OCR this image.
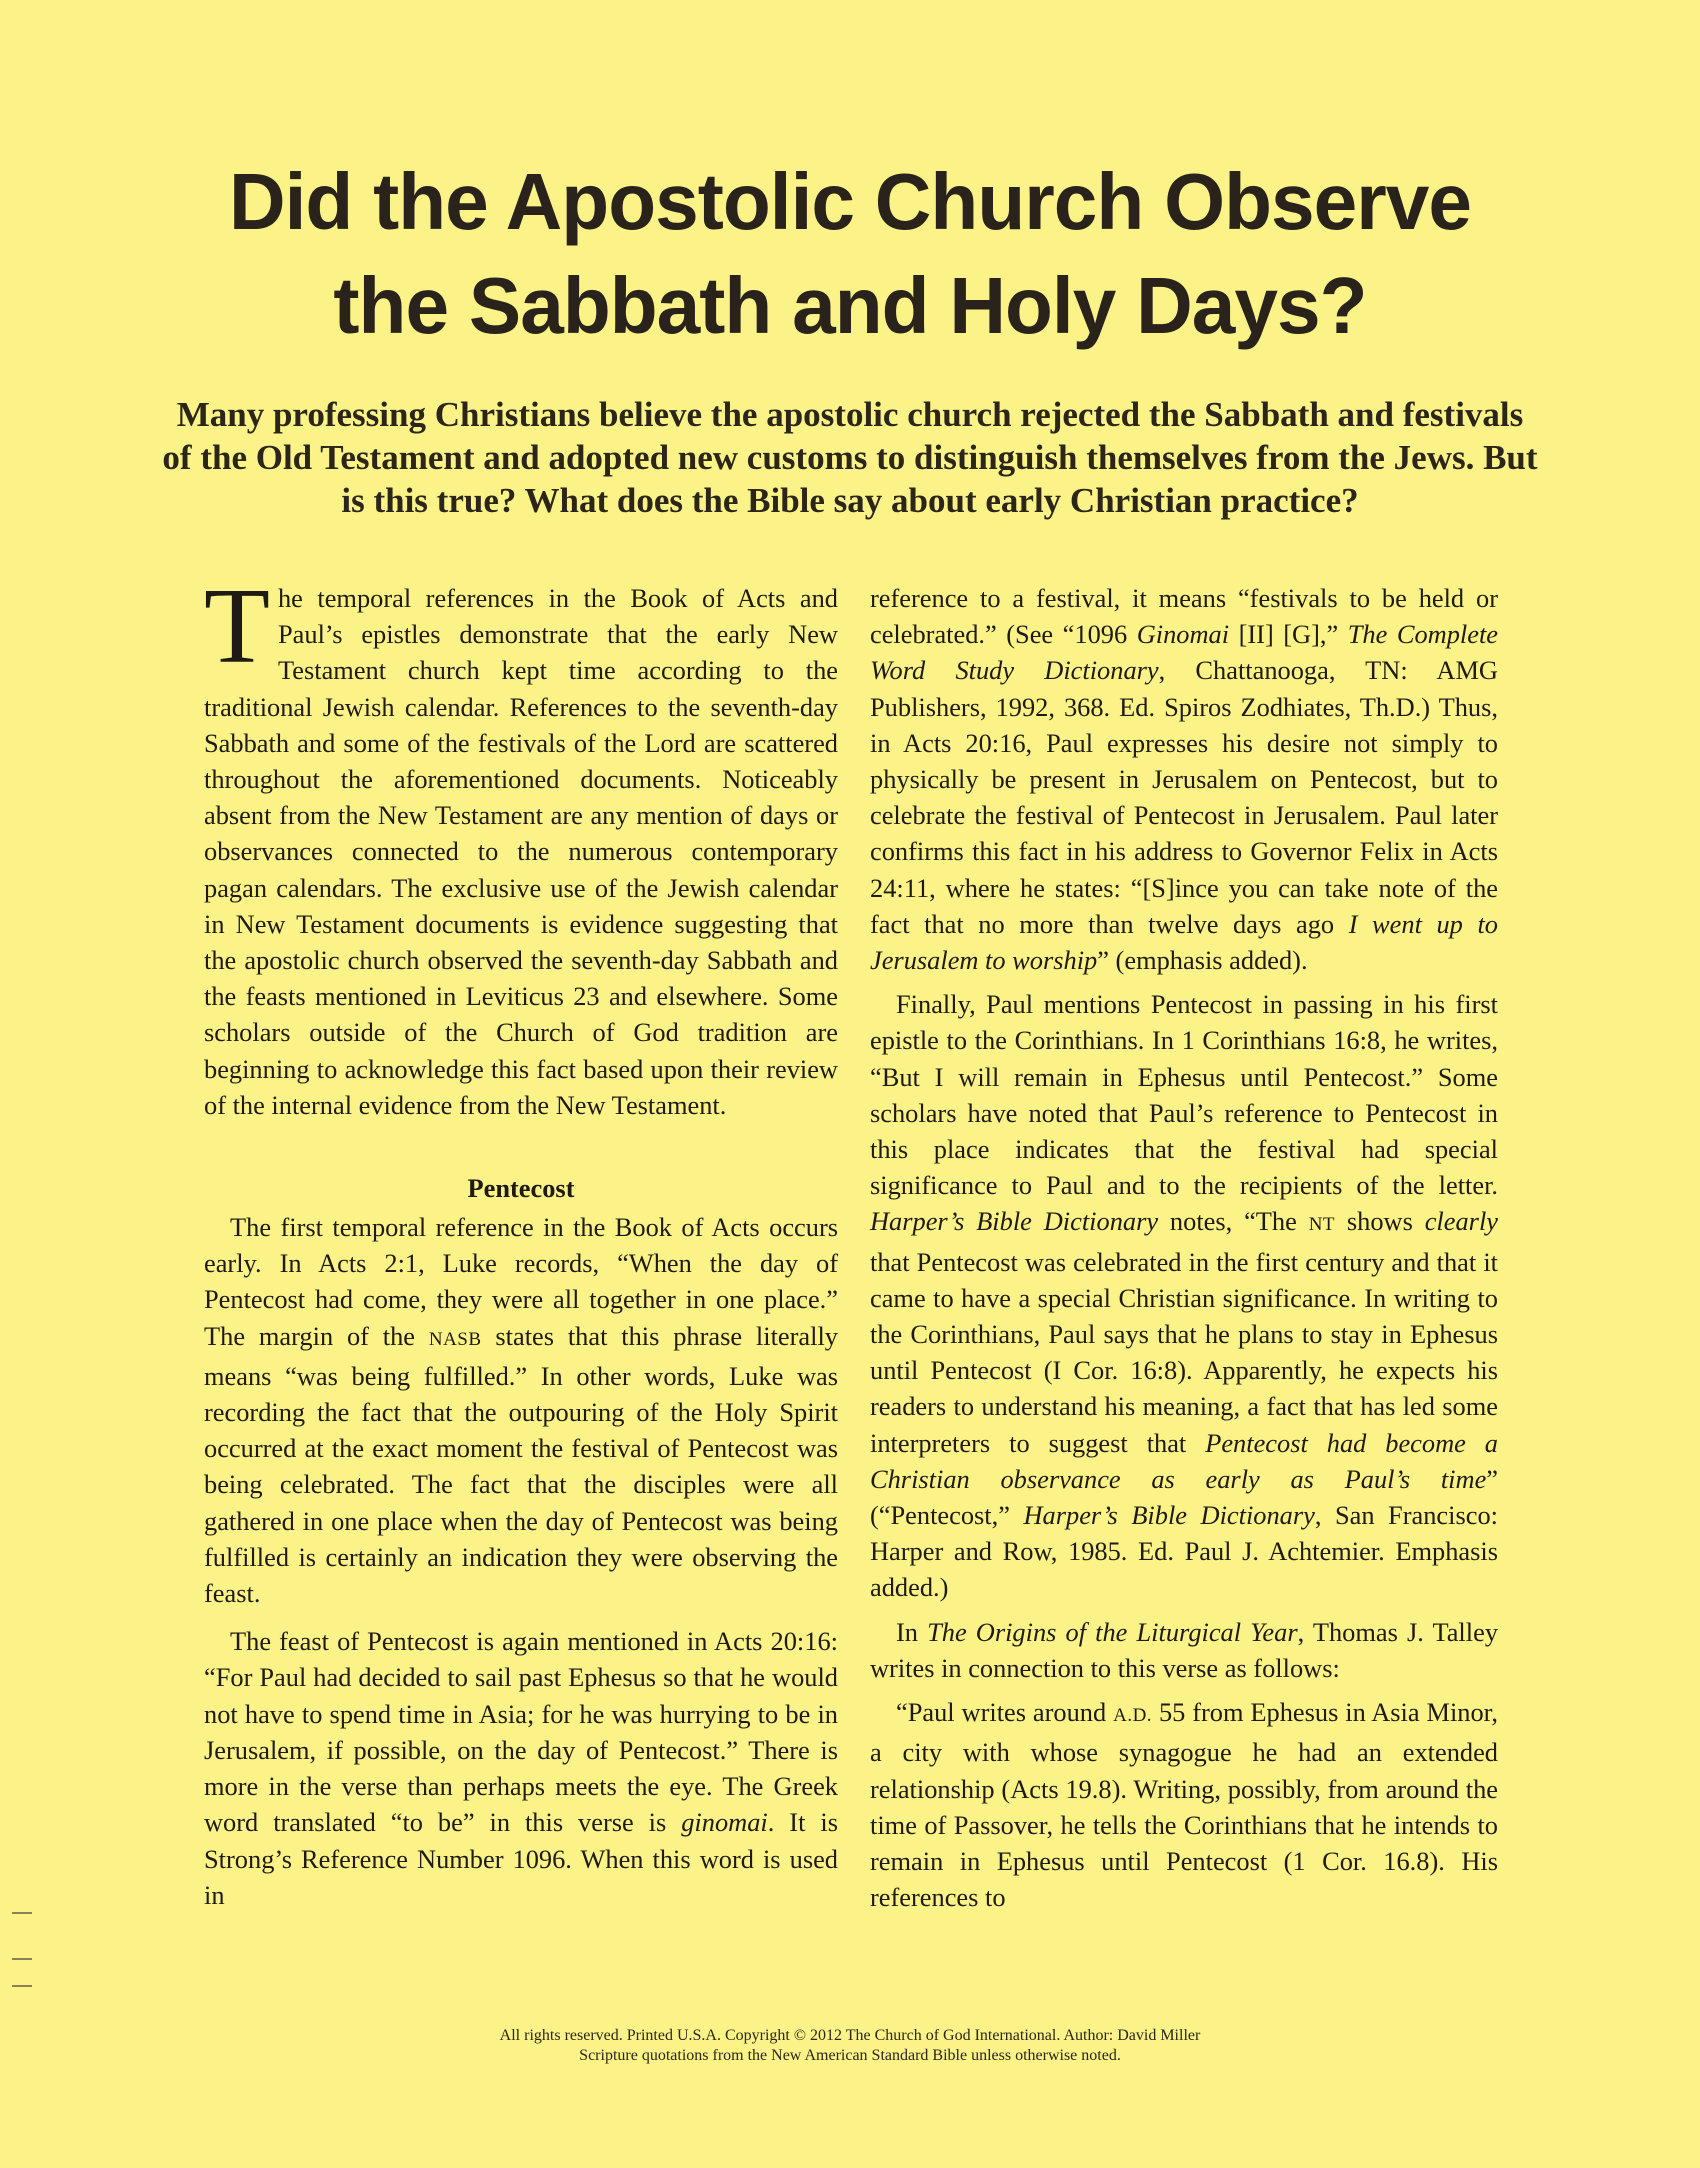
Did the Apostolic Church Observe
the Sabbath and Holy Days?

Many professing Christians believe the apostolic church rejected the Sabbath and festivals of the Old Testament and adopted new customs to distinguish themselves from the Jews. But is this true? What does the Bible say about early Christian practice?

The temporal references in the Book of Acts and Paul’s epistles demonstrate that the early New Testament church kept time according to the traditional Jewish calendar. References to the seventh-day Sabbath and some of the festivals of the Lord are scattered throughout the aforementioned documents. Noticeably absent from the New Testament are any mention of days or observances connected to the numerous contemporary pagan calendars. The exclusive use of the Jewish calendar in New Testament documents is evidence suggesting that the apostolic church observed the seventh-day Sabbath and the feasts mentioned in Leviticus 23 and elsewhere. Some scholars outside of the Church of God tradition are beginning to acknowledge this fact based upon their review of the internal evidence from the New Testament.

Pentecost

The first temporal reference in the Book of Acts occurs early. In Acts 2:1, Luke records, “When the day of Pentecost had come, they were all together in one place.” The margin of the NASB states that this phrase literally means “was being fulfilled.” In other words, Luke was recording the fact that the outpouring of the Holy Spirit occurred at the exact moment the festival of Pentecost was being celebrated. The fact that the disciples were all gathered in one place when the day of Pentecost was being fulfilled is certainly an indication they were observing the feast.

The feast of Pentecost is again mentioned in Acts 20:16: “For Paul had decided to sail past Ephesus so that he would not have to spend time in Asia; for he was hurrying to be in Jerusalem, if possible, on the day of Pentecost.” There is more in the verse than perhaps meets the eye. The Greek word translated “to be” in this verse is ginomai. It is Strong’s Reference Number 1096. When this word is used in

reference to a festival, it means “festivals to be held or celebrated.” (See “1096 Ginomai [II] [G],” The Complete Word Study Dictionary, Chattanooga, TN: AMG Publishers, 1992, 368. Ed. Spiros Zodhiates, Th.D.) Thus, in Acts 20:16, Paul expresses his desire not simply to physically be present in Jerusalem on Pentecost, but to celebrate the festival of Pentecost in Jerusalem. Paul later confirms this fact in his address to Governor Felix in Acts 24:11, where he states: “[S]ince you can take note of the fact that no more than twelve days ago I went up to Jerusalem to worship” (emphasis added).

Finally, Paul mentions Pentecost in passing in his first epistle to the Corinthians. In 1 Corinthians 16:8, he writes, “But I will remain in Ephesus until Pentecost.” Some scholars have noted that Paul’s reference to Pentecost in this place indicates that the festival had special significance to Paul and to the recipients of the letter. Harper’s Bible Dictionary notes, “The NT shows clearly that Pentecost was celebrated in the first century and that it came to have a special Christian significance. In writing to the Corinthians, Paul says that he plans to stay in Ephesus until Pentecost (I Cor. 16:8). Apparently, he expects his readers to understand his meaning, a fact that has led some interpreters to suggest that Pentecost had become a Christian observance as early as Paul’s time” (“Pentecost,” Harper’s Bible Dictionary, San Francisco: Harper and Row, 1985. Ed. Paul J. Achtemier. Emphasis added.)

In The Origins of the Liturgical Year, Thomas J. Talley writes in connection to this verse as follows:

“Paul writes around A.D. 55 from Ephesus in Asia Minor, a city with whose synagogue he had an extended relationship (Acts 19.8). Writing, possibly, from around the time of Passover, he tells the Corinthians that he intends to remain in Ephesus until Pentecost (1 Cor. 16.8). His references to

All rights reserved. Printed U.S.A. Copyright © 2012 The Church of God International. Author: David Miller
Scripture quotations from the New American Standard Bible unless otherwise noted.
